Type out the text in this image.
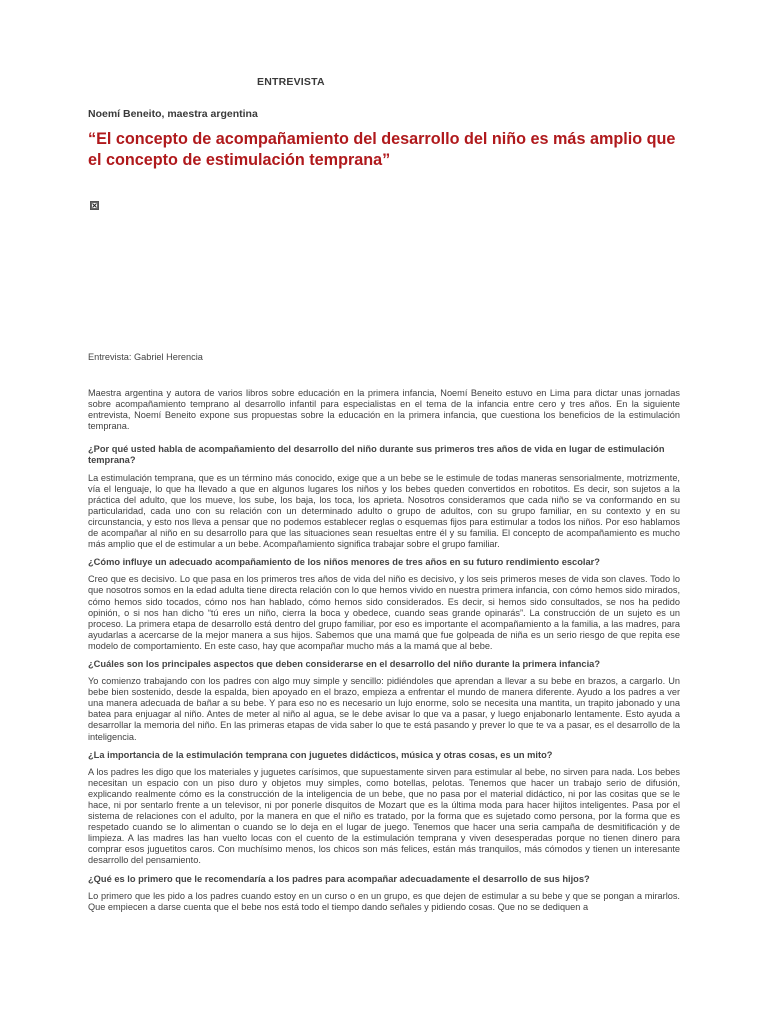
ENTREVISTA
Noemí Beneito, maestra argentina
“El concepto de acompañamiento del desarrollo del niño es más amplio que el concepto de estimulación temprana”
Entrevista: Gabriel Herencia

Maestra argentina y autora de varios libros sobre educación en la primera infancia, Noemí Beneito estuvo en Lima para dictar unas jornadas sobre acompañamiento temprano al desarrollo infantil para especialistas en el tema de la infancia entre cero y tres años. En la siguiente entrevista, Noemí Beneito expone sus propuestas sobre la educación en la primera infancia, que cuestiona los beneficios de la estimulación temprana.

¿Por qué usted habla de acompañamiento del desarrollo del niño durante sus primeros tres años de vida en lugar de estimulación temprana?

La estimulación temprana, que es un término más conocido, exige que a un bebe se le estimule de todas maneras sensorialmente, motrizmente, vía el lenguaje, lo que ha llevado a que en algunos lugares los niños y los bebes queden convertidos en robotitos. Es decir, son sujetos a la práctica del adulto, que los mueve, los sube, los baja, los toca, los aprieta. Nosotros consideramos que cada niño se va conformando en su particularidad, cada uno con su relación con un determinado adulto o grupo de adultos, con su grupo familiar, en su contexto y en su circunstancia, y esto nos lleva a pensar que no podemos establecer reglas o esquemas fijos para estimular a todos los niños. Por eso hablamos de acompañar al niño en su desarrollo para que las situaciones sean resueltas entre él y su familia. El concepto de acompañamiento es mucho más amplio que el de estimular a un bebe. Acompañamiento significa trabajar sobre el grupo familiar.

¿Cómo influye un adecuado acompañamiento de los niños menores de tres años en su futuro rendimiento escolar?

Creo que es decisivo. Lo que pasa en los primeros tres años de vida del niño es decisivo, y los seis primeros meses de vida son claves. Todo lo que nosotros somos en la edad adulta tiene directa relación con lo que hemos vivido en nuestra primera infancia, con cómo hemos sido mirados, cómo hemos sido tocados, cómo nos han hablado, cómo hemos sido considerados. Es decir, si hemos sido consultados, se nos ha pedido opinión, o si nos han dicho “tú eres un niño, cierra la boca y obedece, cuando seas grande opinarás”. La construcción de un sujeto es un proceso. La primera etapa de desarrollo está dentro del grupo familiar, por eso es importante el acompañamiento a la familia, a las madres, para ayudarlas a acercarse de la mejor manera a sus hijos. Sabemos que una mamá que fue golpeada de niña es un serio riesgo de que repita ese modelo de comportamiento. En este caso, hay que acompañar mucho más a la mamá que al bebe.

¿Cuáles son los principales aspectos que deben considerarse en el desarrollo del niño durante la primera infancia?

Yo comienzo trabajando con los padres con algo muy simple y sencillo: pidiéndoles que aprendan a llevar a su bebe en brazos, a cargarlo. Un bebe bien sostenido, desde la espalda, bien apoyado en el brazo, empieza a enfrentar el mundo de manera diferente. Ayudo a los padres a ver una manera adecuada de bañar a su bebe. Y para eso no es necesario un lujo enorme, solo se necesita una mantita, un trapito jabonado y una batea para enjuagar al niño. Antes de meter al niño al agua, se le debe avisar lo que va a pasar, y luego enjabonarlo lentamente. Esto ayuda a desarrollar la memoria del niño. En las primeras etapas de vida saber lo que te está pasando y prever lo que te va a pasar, es el desarrollo de la inteligencia.

¿La importancia de la estimulación temprana con juguetes didácticos, música y otras cosas, es un mito?

A los padres les digo que los materiales y juguetes carísimos, que supuestamente sirven para estimular al bebe, no sirven para nada. Los bebes necesitan un espacio con un piso duro y objetos muy simples, como botellas, pelotas. Tenemos que hacer un trabajo serio de difusión, explicando realmente cómo es la construcción de la inteligencia de un bebe, que no pasa por el material didáctico, ni por las cositas que se le hace, ni por sentarlo frente a un televisor, ni por ponerle disquitos de Mozart que es la última moda para hacer hijitos inteligentes. Pasa por el sistema de relaciones con el adulto, por la manera en que el niño es tratado, por la forma que es sujetado como persona, por la forma que es respetado cuando se lo alimentan o cuando se lo deja en el lugar de juego. Tenemos que hacer una seria campaña de desmitificación y de limpieza. A las madres las han vuelto locas con el cuento de la estimulación temprana y viven desesperadas porque no tienen dinero para comprar esos juguetitos caros. Con muchísimo menos, los chicos son más felices, están más tranquilos, más cómodos y tienen un interesante desarrollo del pensamiento.

¿Qué es lo primero que le recomendaría a los padres para acompañar adecuadamente el desarrollo de sus hijos?

Lo primero que les pido a los padres cuando estoy en un curso o en un grupo, es que dejen de estimular a su bebe y que se pongan a mirarlos. Que empiecen a darse cuenta que el bebe nos está todo el tiempo dando señales y pidiendo cosas. Que no se dediquen a
